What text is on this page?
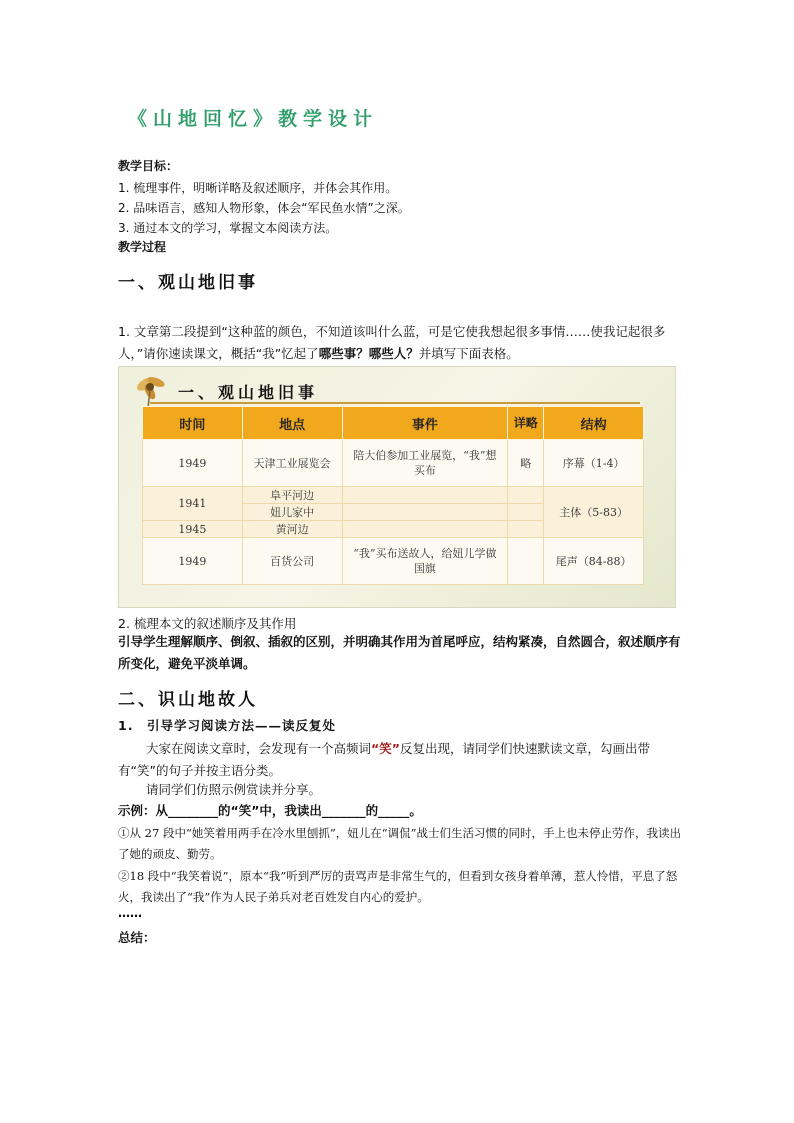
《山地回忆》教学设计
教学目标：
1. 梳理事件，明晰详略及叙述顺序，并体会其作用。
2. 品味语言，感知人物形象，体会“军民鱼水情”之深。
3. 通过本文的学习，掌握文本阅读方法。
教学过程
一、观山地旧事
1. 文章第二段提到“这种蓝的颜色，不知道该叫什么蓝，可是它使我想起很多事情……使我记起很多人，”请你速读课文，概括“我”忆起了哪些事？哪些人？并填写下面表格。
一、观山地旧事
时间	地点	事件	详略	结构
1949	天津工业展览会	陪大伯参加工业展览，“我”想买布	略	序幕（1-4）
1941	阜平河边			主体（5-83）
	妞儿家中			
1945	黄河边			
1949	百货公司	“我”买布送故人，给妞儿学做国旗		尾声（84-88）
2. 梳理本文的叙述顺序及其作用
引导学生理解顺序、倒叙、插叙的区别，并明确其作用为首尾呼应，结构紧凑，自然圆合，叙述顺序有所变化，避免平淡单调。
二、识山地故人
1.　引导学习阅读方法——读反复处
大家在阅读文章时，会发现有一个高频词“笑”反复出现，请同学们快速默读文章，勾画出带有“笑”的句子并按主语分类。
请同学们仿照示例赏读并分享。
示例：从________的“笑”中，我读出_______的_____。
①从 27 段中“她笑着用两手在冷水里刨抓”，妞儿在“调侃”战士们生活习惯的同时，手上也未停止劳作，我读出了她的顽皮、勤劳。
②18 段中“我笑着说”，原本“我”听到严厉的责骂声是非常生气的，但看到女孩身着单薄，惹人怜惜，平息了怒火，我读出了“我”作为人民子弟兵对老百姓发自内心的爱护。
……
总结：
